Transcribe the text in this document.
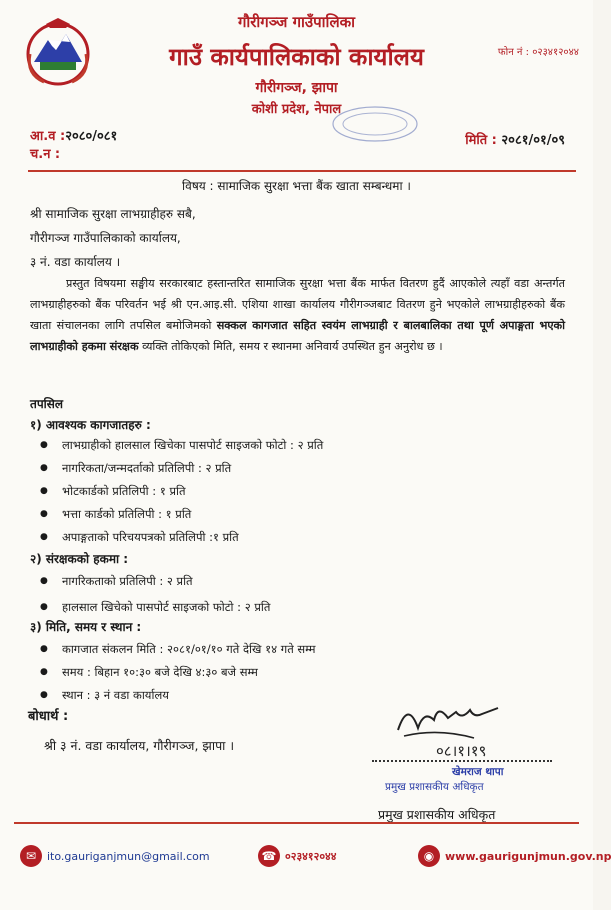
गौरीगञ्ज गाउँपालिका
गाउँ कार्यपालिकाको कार्यालय
गौरीगञ्ज, झापा
कोशी प्रदेश, नेपाल
फोन नं : ०२३४१२०४४
आ.व :२०८०/०८१
च.न :
मिति : २०८१/०१/०९
विषय : सामाजिक सुरक्षा भत्ता बैंक खाता सम्बन्धमा ।
श्री सामाजिक सुरक्षा लाभग्राहीहरु सबै,
गौरीगञ्ज गाउँपालिकाको कार्यालय,
३ नं. वडा कार्यालय ।
प्रस्तुत विषयमा सङ्घीय सरकारबाट हस्तान्तरित सामाजिक सुरक्षा भत्ता बैंक मार्फत वितरण हुदैं आएकोले त्यहाँ वडा अन्तर्गत लाभग्राहीहरुको बैंक परिवर्तन भई श्री एन.आइ.सी. एशिया शाखा कार्यालय गौरीगञ्जबाट वितरण हुने भएकोले लाभग्राहीहरुको बैंक खाता संचालनका लागि तपसिल बमोजिमको सक्कल कागजात सहित स्वयंम लाभग्राही र बालबालिका तथा पूर्ण अपाङ्गता भएको लाभग्राहीको हकमा संरक्षक व्यक्ति तोकिएको मिति, समय र स्थानमा अनिवार्य उपस्थित हुन अनुरोध छ ।
तपसिल
१) आवश्यक कागजातहरु :
● लाभग्राहीको हालसाल खिचेका पासपोर्ट साइजको फोटो : २ प्रति
● नागरिकता/जन्मदर्ताको प्रतिलिपी : २ प्रति
● भोटकार्डको प्रतिलिपी : १ प्रति
● भत्ता कार्डको प्रतिलिपी : १ प्रति
● अपाङ्गताको परिचयपत्रको प्रतिलिपी :१ प्रति
२) संरक्षकको हकमा :
● नागरिकताको प्रतिलिपी : २ प्रति
● हालसाल खिचेको पासपोर्ट साइजको फोटो : २ प्रति
३) मिति, समय र स्थान :
● कागजात संकलन मिति : २०८१/०१/१० गते देखि १४ गते सम्म
● समय : बिहान १०:३० बजे देखि ४:३० बजे सम्म
● स्थान : ३ नं वडा कार्यालय
बोधार्थ :
श्री ३ नं. वडा कार्यालय, गौरीगञ्ज, झापा ।	०८।१।१९
खेमराज थापा
प्रमुख प्रशासकीय अधिकृत
प्रमुख प्रशासकीय अधिकृत
✉ ito.gauriganjmun@gmail.com	☎ ०२३४१२०४४	◉ www.gaurigunjmun.gov.np
